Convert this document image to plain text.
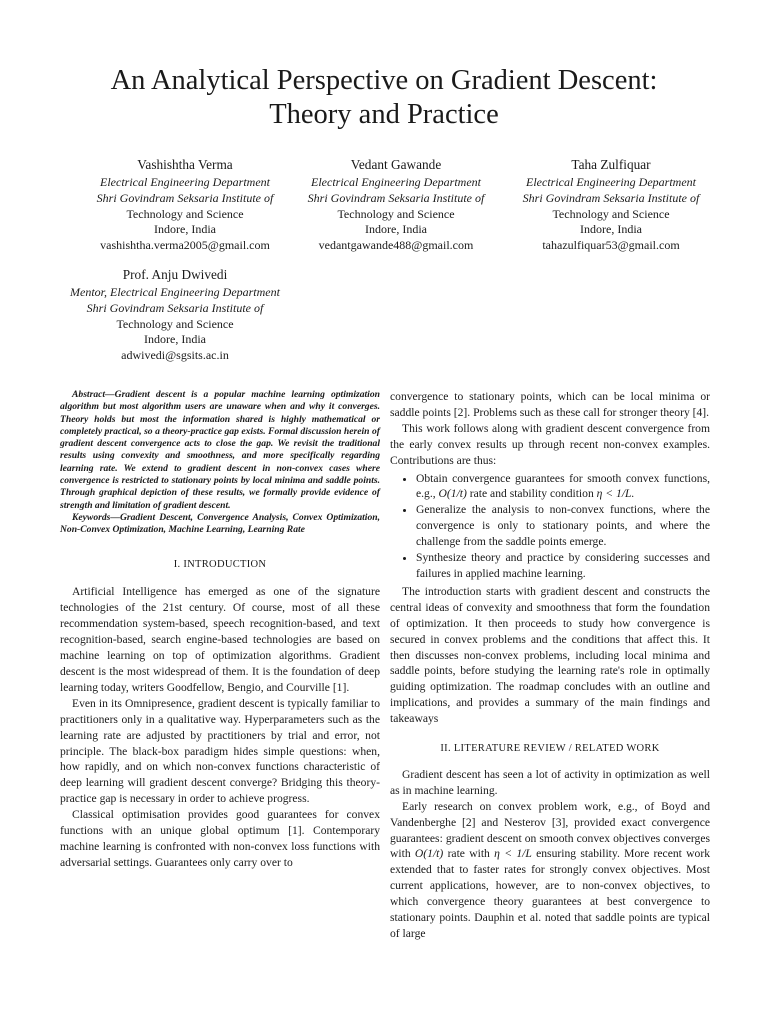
An Analytical Perspective on Gradient Descent:
Theory and Practice
Vashishtha Verma
Electrical Engineering Department
Shri Govindram Seksaria Institute of
Technology and Science
Indore, India
vashishtha.verma2005@gmail.com
Vedant Gawande
Electrical Engineering Department
Shri Govindram Seksaria Institute of
Technology and Science
Indore, India
vedantgawande488@gmail.com
Taha Zulfiquar
Electrical Engineering Department
Shri Govindram Seksaria Institute of
Technology and Science
Indore, India
tahazulfiquar53@gmail.com
Prof. Anju Dwivedi
Mentor, Electrical Engineering Department
Shri Govindram Seksaria Institute of
Technology and Science
Indore, India
adwivedi@sgsits.ac.in

Abstract—Gradient descent is a popular machine learning optimization algorithm but most algorithm users are unaware when and why it converges. Theory holds but most the information shared is highly mathematical or completely practical, so a theory-practice gap exists. Formal discussion herein of gradient descent convergence acts to close the gap. We revisit the traditional results using convexity and smoothness, and more specifically regarding learning rate. We extend to gradient descent in non-convex cases where convergence is restricted to stationary points by local minima and saddle points. Through graphical depiction of these results, we formally provide evidence of strength and limitation of gradient descent.

Keywords—Gradient Descent, Convergence Analysis, Convex Optimization, Non-Convex Optimization, Machine Learning, Learning Rate

I. INTRODUCTION

Artificial Intelligence has emerged as one of the signature technologies of the 21st century. Of course, most of all these recommendation system-based, speech recognition-based, and text recognition-based, search engine-based technologies are based on machine learning on top of optimization algorithms. Gradient descent is the most widespread of them. It is the foundation of deep learning today, writers Goodfellow, Bengio, and Courville [1].

Even in its Omnipresence, gradient descent is typically familiar to practitioners only in a qualitative way. Hyperparameters such as the learning rate are adjusted by practitioners by trial and error, not principle. The black-box paradigm hides simple questions: when, how rapidly, and on which non-convex functions characteristic of deep learning will gradient descent converge? Bridging this theory-practice gap is necessary in order to achieve progress.

Classical optimisation provides good guarantees for convex functions with an unique global optimum [1]. Contemporary machine learning is confronted with non-convex loss functions with adversarial settings. Guarantees only carry over to

convergence to stationary points, which can be local minima or saddle points [2]. Problems such as these call for stronger theory [4].

This work follows along with gradient descent convergence from the early convex results up through recent non-convex examples. Contributions are thus:

• Obtain convergence guarantees for smooth convex functions, e.g., O(1/t) rate and stability condition η < 1/L.
• Generalize the analysis to non-convex functions, where the convergence is only to stationary points, and where the challenge from the saddle points emerge.
• Synthesize theory and practice by considering successes and failures in applied machine learning.

The introduction starts with gradient descent and constructs the central ideas of convexity and smoothness that form the foundation of optimization. It then proceeds to study how convergence is secured in convex problems and the conditions that affect this. It then discusses non-convex problems, including local minima and saddle points, before studying the learning rate's role in optimally guiding optimization. The roadmap concludes with an outline and implications, and provides a summary of the main findings and takeaways

II. LITERATURE REVIEW / RELATED WORK

Gradient descent has seen a lot of activity in optimization as well as in machine learning.

Early research on convex problem work, e.g., of Boyd and Vandenberghe [2] and Nesterov [3], provided exact convergence guarantees: gradient descent on smooth convex objectives converges with O(1/t) rate with η < 1/L ensuring stability. More recent work extended that to faster rates for strongly convex objectives. Most current applications, however, are to non-convex objectives, to which convergence theory guarantees at best convergence to stationary points. Dauphin et al. noted that saddle points are typical of large
